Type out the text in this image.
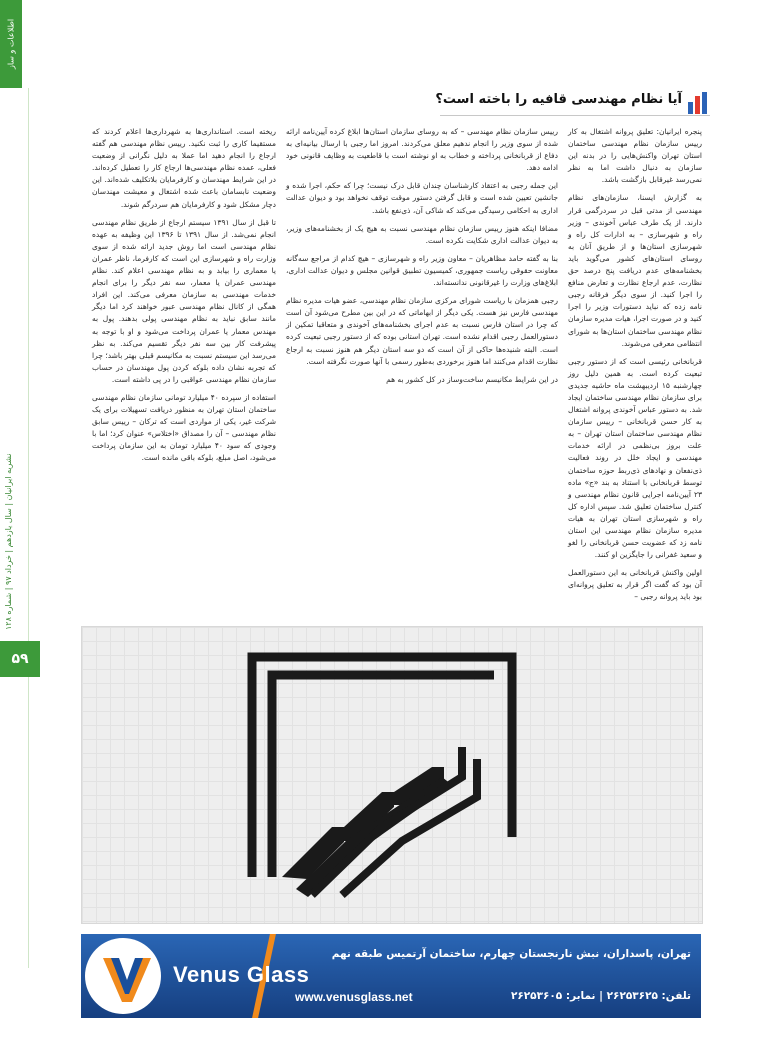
اطلاعات و ساز
نشریه ایرانیان | سال یازدهم | خرداد ۹۷ | شماره ۱۲۸
۵۹
آیا نظام مهندسی قافیه را باخته است؟

پنجره ایرانیان: تعلیق پروانه اشتغال به کار رییس سازمان نظام مهندسی ساختمان استان تهران واکنش‌هایی را در بدنه این سازمان به دنبال داشت اما به نظر نمی‌رسد غیرقابل بازگشت باشد.

به گزارش ایسنا، سازمان‌های نظام مهندسی از مدتی قبل در سردرگمی قرار دارند. از یک طرف عباس آخوندی – وزیر راه و شهرسازی – به ادارات کل راه و شهرسازی استان‌ها و از طریق آنان به روسای استان‌های کشور می‌گوید باید بخشنامه‌های عدم دریافت پنج درصد حق نظارت، عدم ارجاع نظارت و تعارض منافع را اجرا کنید. از سوی دیگر فرقانه رجبی نامه زده که نباید دستورات وزیر را اجرا کنید و در صورت اجرا، هیات مدیره سازمان نظام مهندسی ساختمان استان‌ها به شورای انتظامی معرفی می‌شوند.

قربانخانی رئیسی است که از دستور رجبی تبعیت کرده است. به همین دلیل روز چهارشنبه ۱۵ اردیبهشت ماه حاشیه جدیدی برای سازمان نظام مهندسی ساختمان ایجاد شد. به دستور عباس آخوندی پروانه اشتغال به کار حسن قربانخانی – رییس سازمان نظام مهندسی ساختمان استان تهران – به علت بروز بی‌نظمی در ارائه خدمات مهندسی و ایجاد خلل در روند فعالیت ذی‌نفعان و نهادهای ذی‌ربط حوزه ساختمان توسط قربانخانی با استناد به بند «ج» ماده ۲۳ آیین‌نامه اجرایی قانون نظام مهندسی و کنترل ساختمان تعلیق شد. سپس اداره کل راه و شهرسازی استان تهران به هیات مدیره سازمان نظام مهندسی این استان نامه زد که عضویت حسن قربانخانی را لغو و سعید غفرانی را جایگزین او کنند.

اولین واکنش قربانخانی به این دستورالعمل آن بود که گفت اگر قرار به تعلیق پروانه‌ای بود باید پروانه رجبی –

رییس سازمان نظام مهندسی – که به روسای سازمان استان‌ها ابلاغ کرده آیین‌نامه ارائه شده از سوی وزیر را انجام ندهیم معلق می‌کردند. امروز اما رجبی با ارسال بیانیه‌ای به دفاع از قربانخانی پرداخته و خطاب به او نوشته است با قاطعیت به وظایف قانونی خود ادامه دهد.

این جمله رجبی به اعتقاد کارشناسان چندان قابل درک نیست؛ چرا که حکم، اجرا شده و جانشین تعیین شده است و قابل گرفتن دستور موقت توقف نخواهد بود و دیوان عدالت اداری به احکامی رسیدگی می‌کند که شاکی آن، ذی‌نفع باشد.

مضافا اینکه هنوز رییس سازمان نظام مهندسی نسبت به هیچ یک از بخشنامه‌های وزیر، به دیوان عدالت اداری شکایت نکرده است.

بنا به گفته حامد مظاهریان – معاون وزیر راه و شهرسازی – هیچ کدام از مراجع سه‌گانه معاونت حقوقی ریاست جمهوری، کمیسیون تطبیق قوانین مجلس و دیوان عدالت اداری، ابلاغ‌های وزارت را غیرقانونی ندانسته‌اند.

رجبی همزمان با ریاست شورای مرکزی سازمان نظام مهندسی، عضو هیات مدیره نظام مهندسی فارس نیز هست. یکی دیگر از ابهاماتی که در این بین مطرح می‌شود آن است که چرا در استان فارس نسبت به عدم اجرای بخشنامه‌های آخوندی و متعاقبا تمکین از دستورالعمل رجبی اقدام نشده است. تهران استانی بوده که از دستور رجبی تبعیت کرده است. البته شنیده‌ها حاکی از آن است که دو سه استان دیگر هم هنوز نسبت به ارجاع نظارت اقدام می‌کنند اما هنوز برخوردی به‌طور رسمی با آنها صورت نگرفته است.

در این شرایط مکانیسم ساخت‌وساز در کل کشور به هم

ریخته است. استانداری‌ها به شهرداری‌ها اعلام کردند که مستقیما کاری را ثبت نکنید. رییس نظام مهندسی هم گفته ارجاع را انجام دهید اما عملا به دلیل نگرانی از وضعیت فعلی، عمده نظام مهندسی‌ها ارجاع کار را تعطیل کرده‌اند. در این شرایط مهندسان و کارفرمایان بلاتکلیف شده‌اند. این وضعیت نابسامان باعث شده اشتغال و معیشت مهندسان دچار مشکل شود و کارفرمایان هم سردرگم شوند.

تا قبل از سال ۱۳۹۱ سیستم ارجاع از طریق نظام مهندسی انجام نمی‌شد. از سال ۱۳۹۱ تا ۱۳۹۶ این وظیفه به عهده نظام مهندسی است اما روش جدید ارائه شده از سوی وزارت راه و شهرسازی این است که کارفرما، ناظر عمران یا معماری را بیابد و به نظام مهندسی اعلام کند. نظام مهندسی عمران یا معمار، سه نفر دیگر را برای انجام خدمات مهندسی به سازمان معرفی می‌کند. این افراد همگی از کانال نظام مهندسی عبور خواهند کرد اما دیگر مانند سابق نباید به نظام مهندسی پولی بدهند. پول به مهندس معمار یا عمران پرداخت می‌شود و او با توجه به پیشرفت کار بین سه نفر دیگر تقسیم می‌کند. به نظر می‌رسد این سیستم نسبت به مکانیسم قبلی بهتر باشد؛ چرا که تجربه نشان داده بلوکه کردن پول مهندسان در حساب سازمان نظام مهندسی عواقبی را در پی داشته است.

استفاده از سپرده ۴۰ میلیارد تومانی سازمان نظام مهندسی ساختمان استان تهران به منظور دریافت تسهیلات برای یک شرکت غیر، یکی از مواردی است که ترکان – رییس سابق نظام مهندسی – آن را مصداق «اختلاس» عنوان کرد؛ اما با وجودی که سود ۴۰ میلیارد تومان به این سازمان پرداخت می‌شود، اصل مبلغ، بلوکه باقی مانده است.

Venus Glass
تهران، پاسداران، نبش نارنجستان چهارم، ساختمان آرتمیس طبقه نهم
www.venusglass.net	تلفن: ۲۶۲۵۳۶۲۵ | نمابر: ۲۶۲۵۳۶۰۵
